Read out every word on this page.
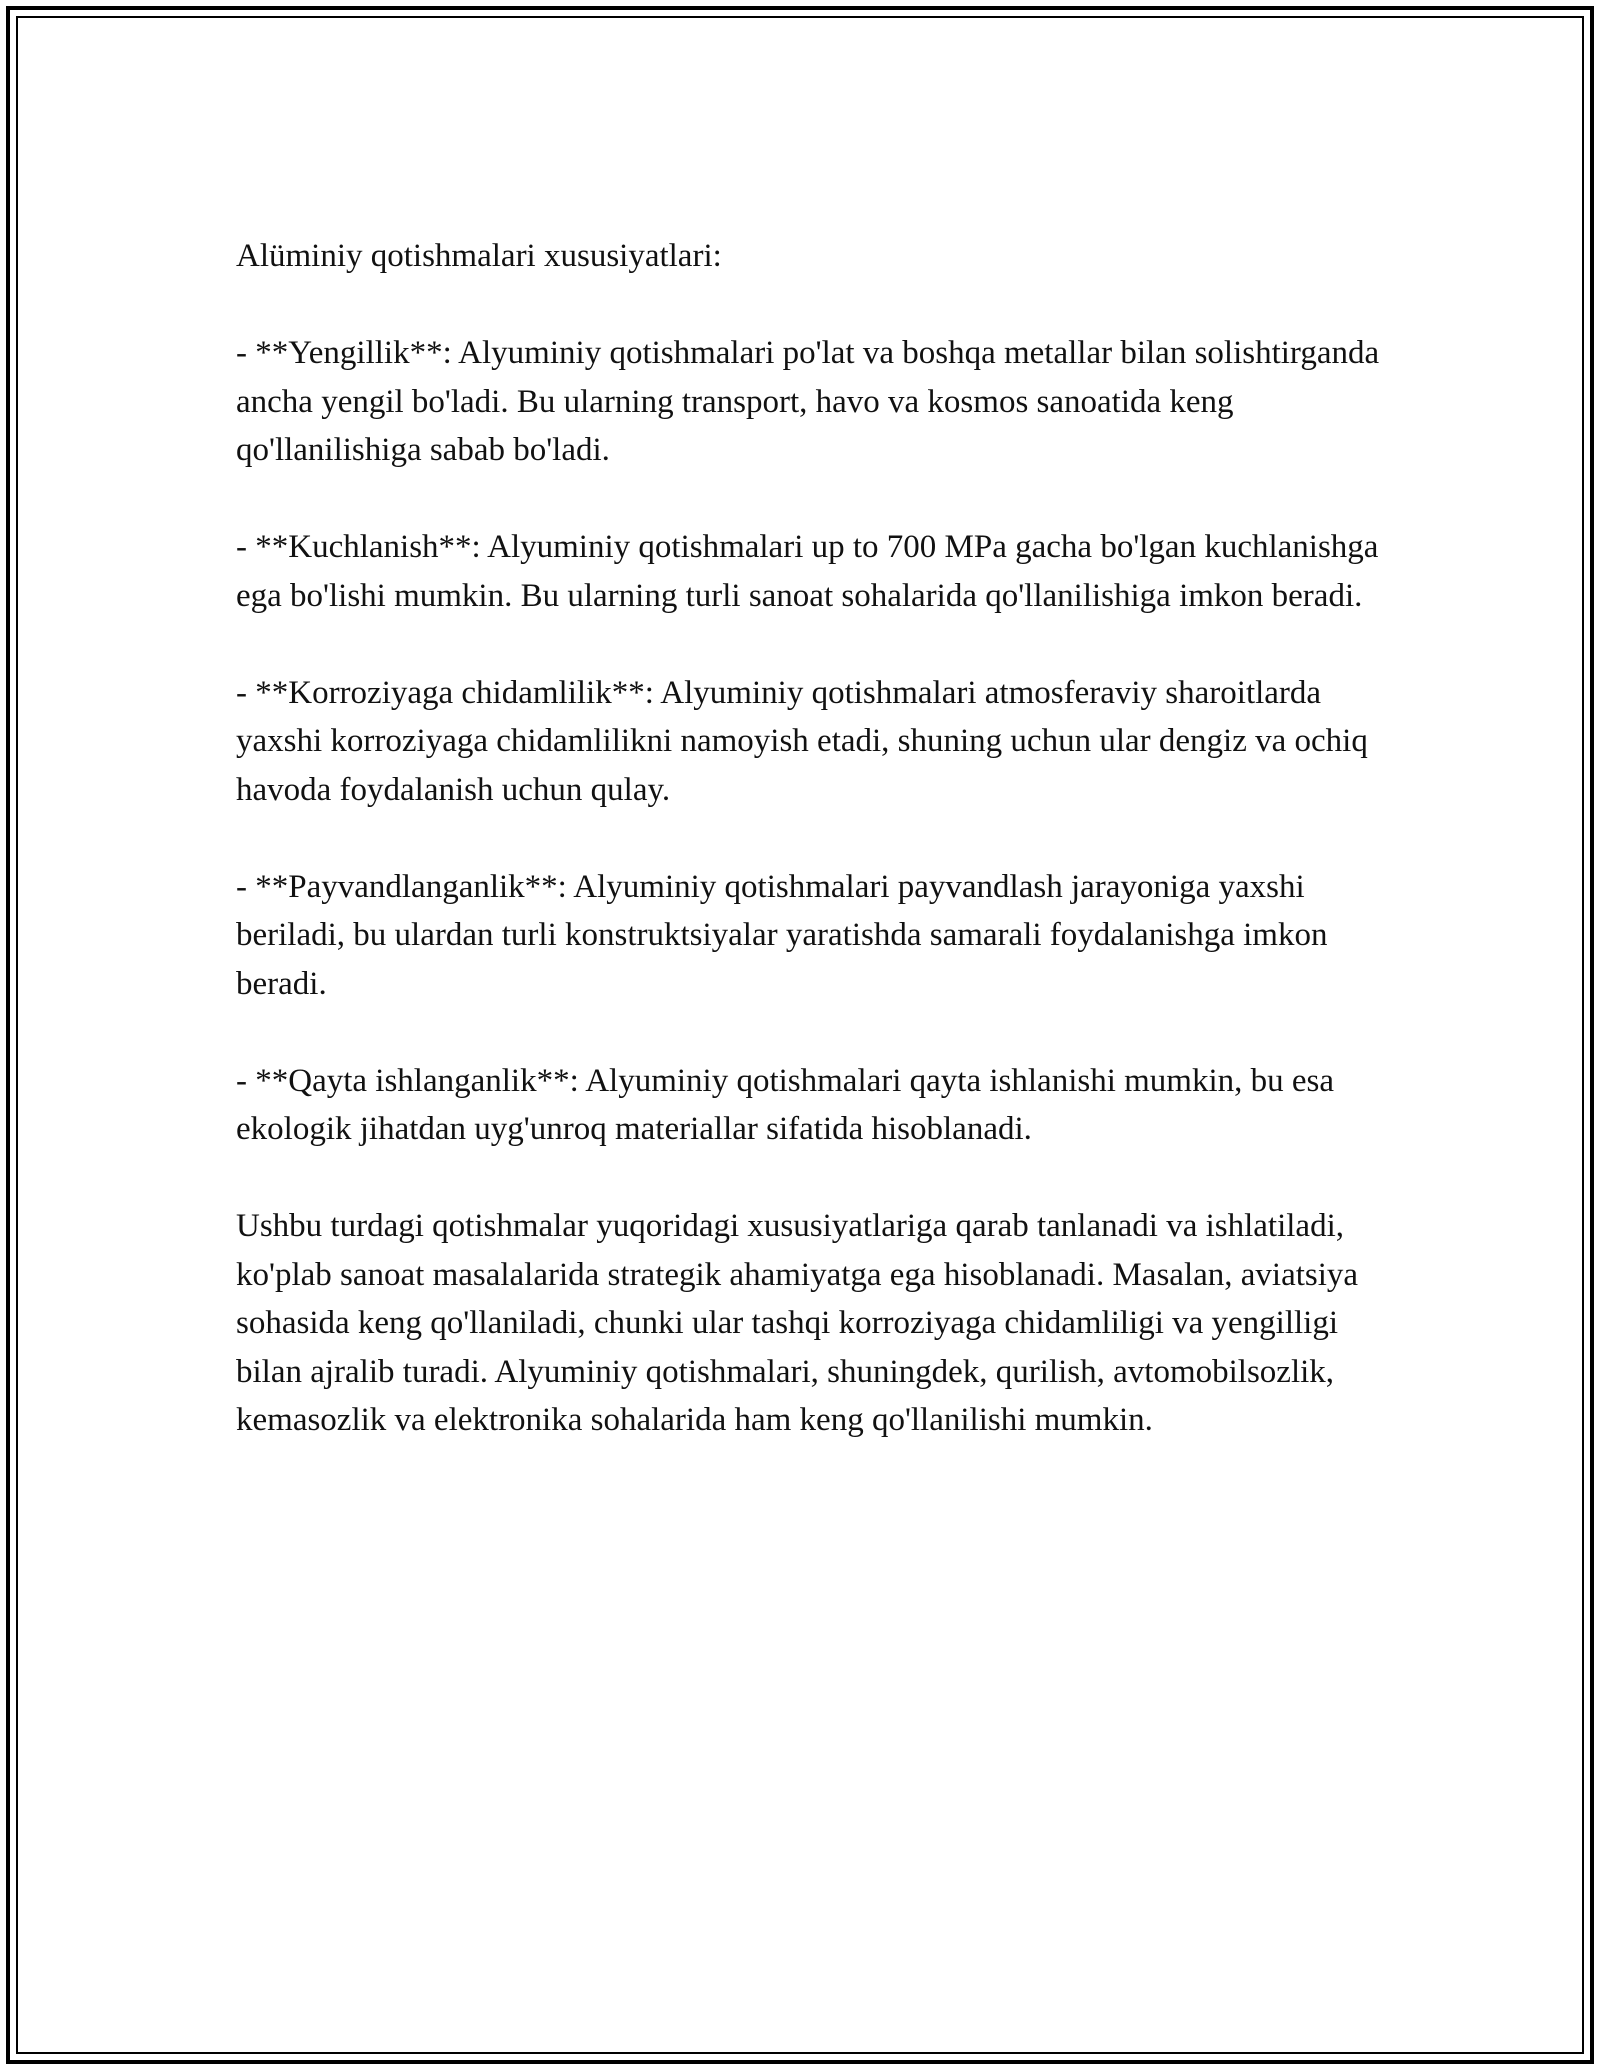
Alüminiy qotishmalari xususiyatlari:

- **Yengillik**: Alyuminiy qotishmalari po'lat va boshqa metallar bilan solishtirganda ancha yengil bo'ladi. Bu ularning transport, havo va kosmos sanoatida keng qo'llanilishiga sabab bo'ladi.

- **Kuchlanish**: Alyuminiy qotishmalari up to 700 MPa gacha bo'lgan kuchlanishga ega bo'lishi mumkin. Bu ularning turli sanoat sohalarida qo'llanilishiga imkon beradi.

- **Korroziyaga chidamlilik**: Alyuminiy qotishmalari atmosferaviy sharoitlarda yaxshi korroziyaga chidamlilikni namoyish etadi, shuning uchun ular dengiz va ochiq havoda foydalanish uchun qulay.

- **Payvandlanganlik**: Alyuminiy qotishmalari payvandlash jarayoniga yaxshi beriladi, bu ulardan turli konstruktsiyalar yaratishda samarali foydalanishga imkon beradi.

- **Qayta ishlanganlik**: Alyuminiy qotishmalari qayta ishlanishi mumkin, bu esa ekologik jihatdan uyg'unroq materiallar sifatida hisoblanadi.

Ushbu turdagi qotishmalar yuqoridagi xususiyatlariga qarab tanlanadi va ishlatiladi, ko'plab sanoat masalalarida strategik ahamiyatga ega hisoblanadi. Masalan, aviatsiya sohasida keng qo'llaniladi, chunki ular tashqi korroziyaga chidamliligi va yengilligi bilan ajralib turadi. Alyuminiy qotishmalari, shuningdek, qurilish, avtomobilsozlik, kemasozlik va elektronika sohalarida ham keng qo'llanilishi mumkin.
